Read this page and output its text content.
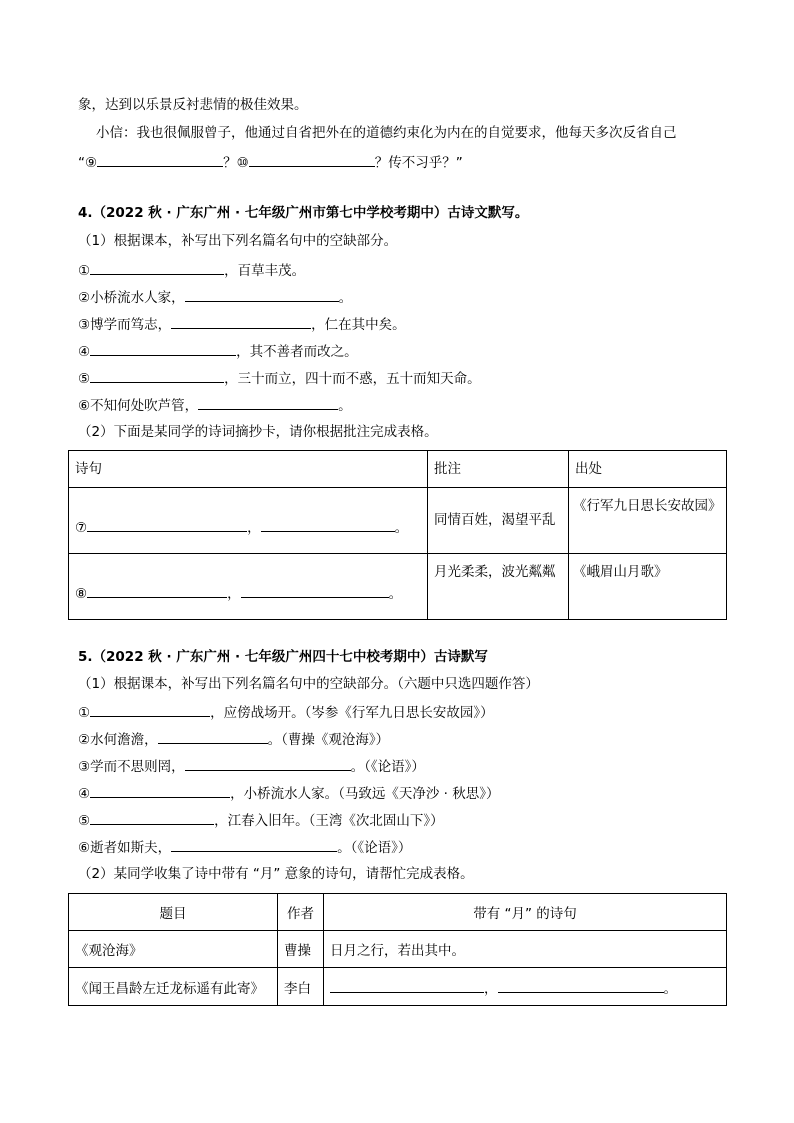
象，达到以乐景反衬悲情的极佳效果。
小信：我也很佩服曾子，他通过自省把外在的道德约束化为内在的自觉要求，他每天多次反省自己
“⑨	？⑩	？传不习乎？”
4.（2022 秋 · 广东广州 · 七年级广州市第七中学校考期中）古诗文默写。
（1）根据课本，补写出下列名篇名句中的空缺部分。
①	，百草丰茂。
②小桥流水人家，	。
③博学而笃志，	，仁在其中矣。
④	，其不善者而改之。
⑤	，三十而立，四十而不惑，五十而知天命。
⑥不知何处吹芦管，	。
（2）下面是某同学的诗词摘抄卡，请你根据批注完成表格。
诗句	批注	出处
⑦ ， 。	同情百姓，渴望平乱	《行军九日思长安故园》
⑧ ， 。	月光柔柔，波光粼粼	《峨眉山月歌》
5.（2022 秋 · 广东广州 · 七年级广州四十七中校考期中）古诗默写
（1）根据课本，补写出下列名篇名句中的空缺部分。（六题中只选四题作答）
①	，应傍战场开。（岑参《行军九日思长安故园》）
②水何澹澹，	。（曹操《观沧海》）
③学而不思则罔，	。（《论语》）
④	，小桥流水人家。（马致远《天净沙 · 秋思》）
⑤	，江春入旧年。（王湾《次北固山下》）
⑥逝者如斯夫，	。（《论语》）
（2）某同学收集了诗中带有 “月” 意象的诗句，请帮忙完成表格。
题目	作者	带有 “月” 的诗句
《观沧海》	曹操	日月之行，若出其中。
《闻王昌龄左迁龙标遥有此寄》	李白	， 。
